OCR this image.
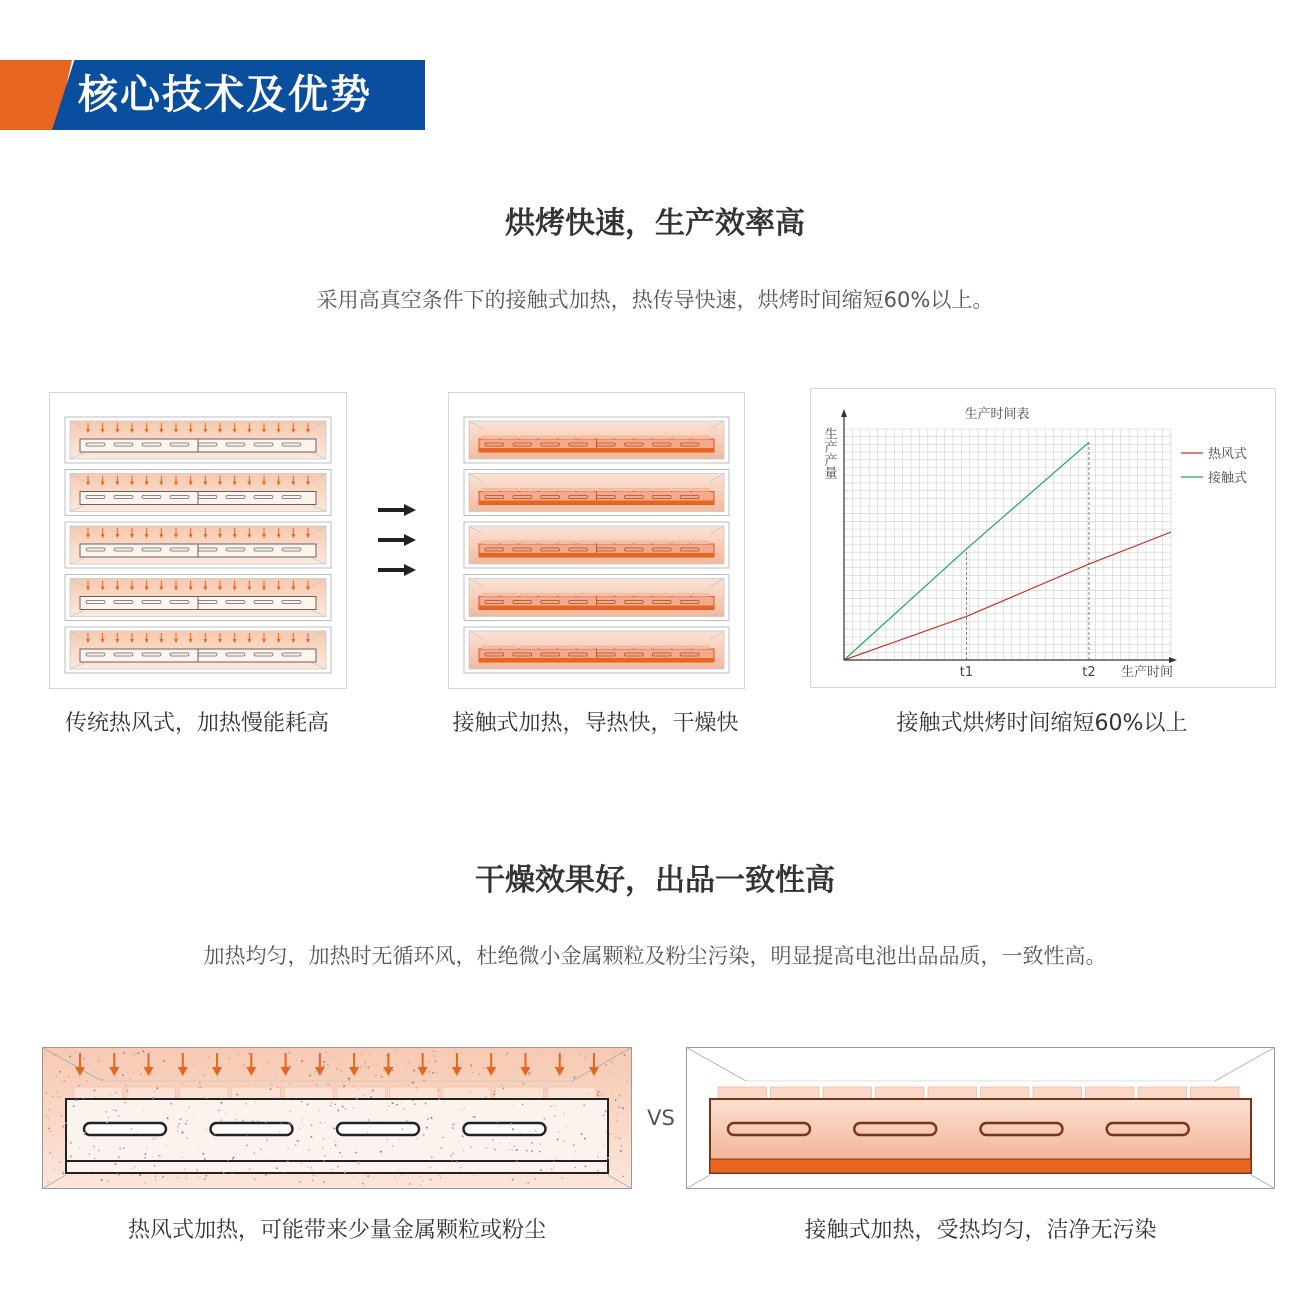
核心技术及优势
烘烤快速，生产效率高
采用高真空条件下的接触式加热，热传导快速，烘烤时间缩短60%以上。
生产时间表
生产时间
生产产量
t1	t2
热风式
接触式
传统热风式，加热慢能耗高	接触式加热，导热快，干燥快	接触式烘烤时间缩短60%以上
干燥效果好，出品一致性高
加热均匀，加热时无循环风，杜绝微小金属颗粒及粉尘污染，明显提高电池出品品质，一致性高。
VS
热风式加热，可能带来少量金属颗粒或粉尘	接触式加热，受热均匀，洁净无污染
